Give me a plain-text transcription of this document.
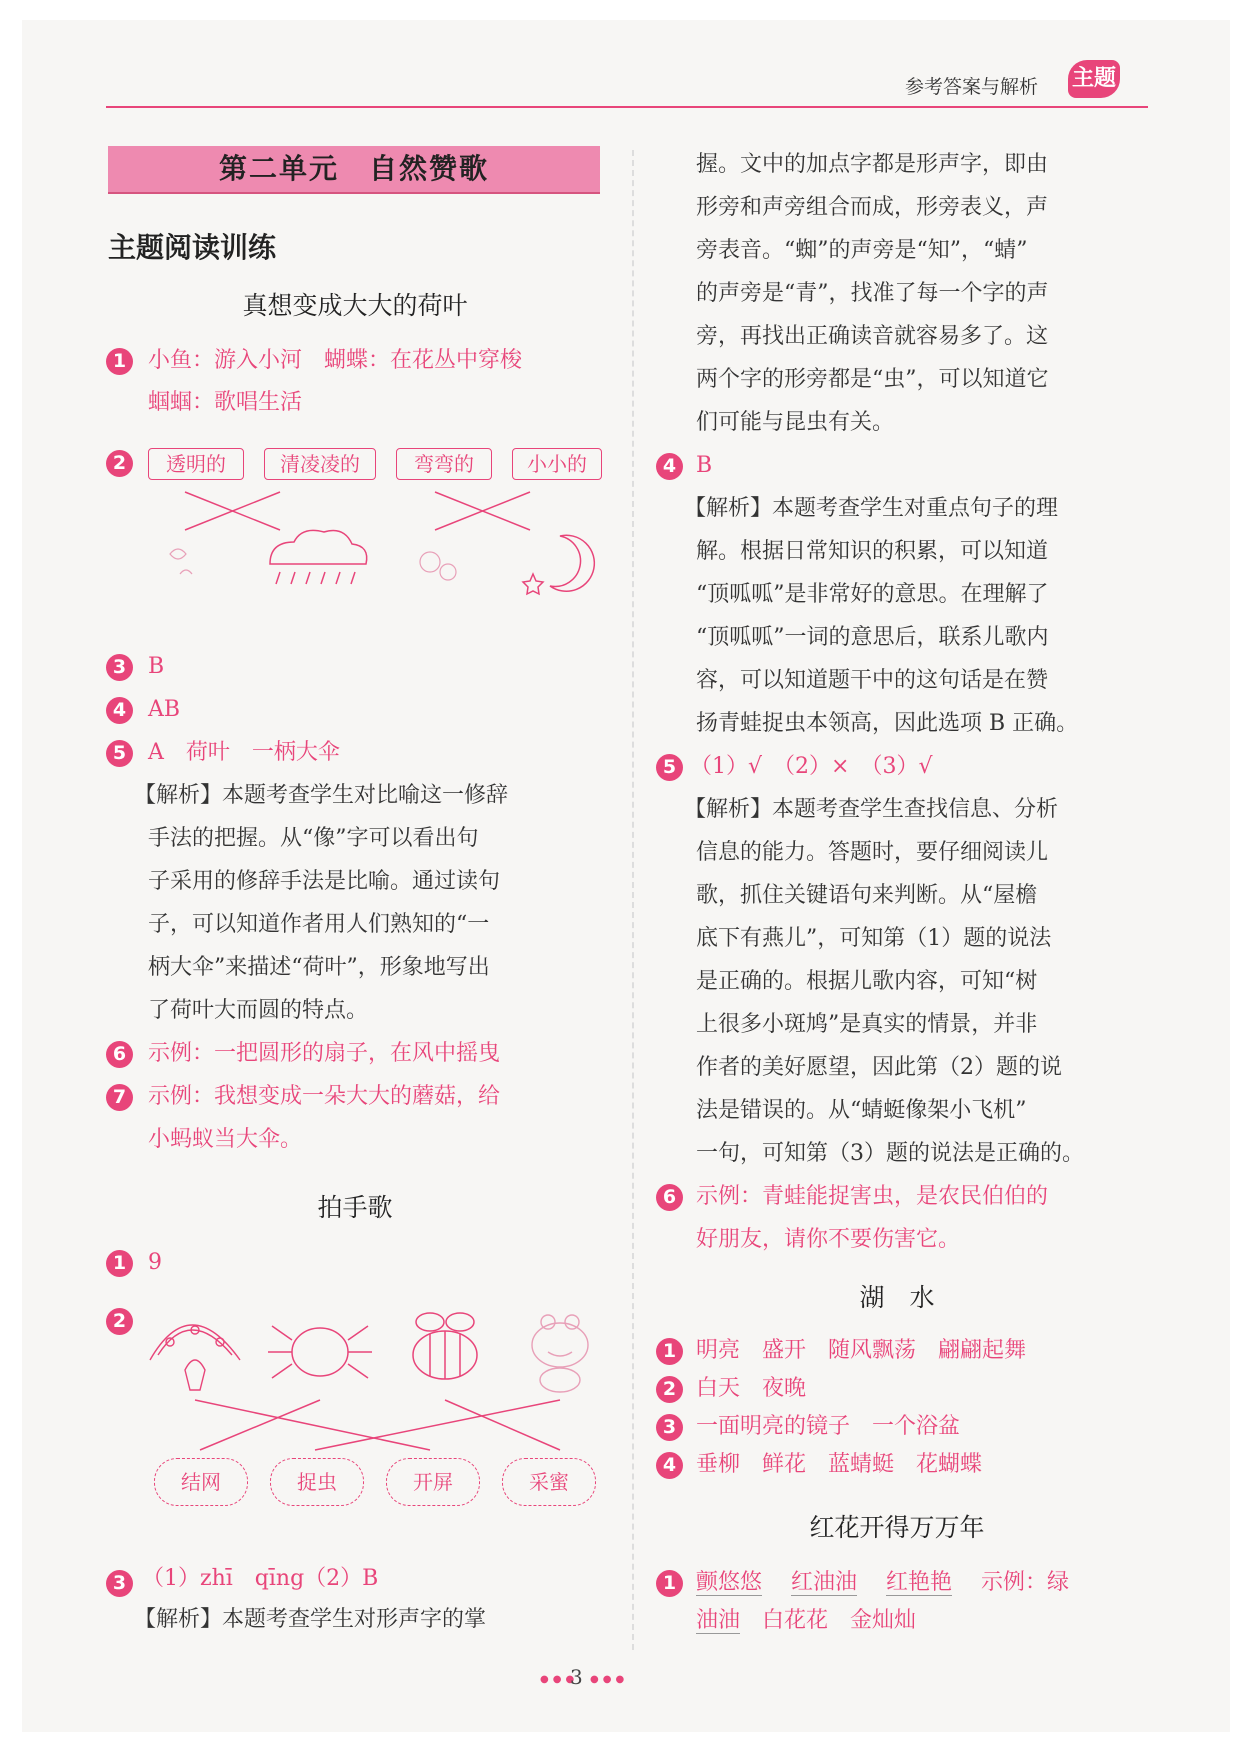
参考答案与解析 主题
第二单元　自然赞歌
主题阅读训练
真想变成大大的荷叶
1 小鱼：游入小河　蝴蝶：在花丛中穿梭
蝈蝈：歌唱生活
2	透明的	清凌凌的	弯弯的	小小的
3 B
4 AB
5 A　荷叶　一柄大伞
【解析】本题考查学生对比喻这一修辞
手法的把握。从“像”字可以看出句
子采用的修辞手法是比喻。通过读句
子，可以知道作者用人们熟知的“一
柄大伞”来描述“荷叶”，形象地写出
了荷叶大而圆的特点。
6 示例：一把圆形的扇子，在风中摇曳
7 示例：我想变成一朵大大的蘑菇，给
小蚂蚁当大伞。
拍手歌
1 9
2
结网	捉虫	开屏	采蜜
3 （1）zhī　qīng（2）B
【解析】本题考查学生对形声字的掌
握。文中的加点字都是形声字，即由
形旁和声旁组合而成，形旁表义，声
旁表音。“蜘”的声旁是“知”，“蜻”
的声旁是“青”，找准了每一个字的声
旁，再找出正确读音就容易多了。这
两个字的形旁都是“虫”，可以知道它
们可能与昆虫有关。
4 B
【解析】本题考查学生对重点句子的理
解。根据日常知识的积累，可以知道
“顶呱呱”是非常好的意思。在理解了
“顶呱呱”一词的意思后，联系儿歌内
容，可以知道题干中的这句话是在赞
扬青蛙捉虫本领高，因此选项 B 正确。
5 （1）√　（2）×　（3）√
【解析】本题考查学生查找信息、分析
信息的能力。答题时，要仔细阅读儿
歌，抓住关键语句来判断。从“屋檐
底下有燕儿”，可知第（1）题的说法
是正确的。根据儿歌内容，可知“树
上很多小斑鸠”是真实的情景，并非
作者的美好愿望，因此第（2）题的说
法是错误的。从“蜻蜓像架小飞机”
一句，可知第（3）题的说法是正确的。
6 示例：青蛙能捉害虫，是农民伯伯的
好朋友，请你不要伤害它。
湖　水
1 明亮　盛开　随风飘荡　翩翩起舞
2 白天　夜晚
3 一面明亮的镜子　一个浴盆
4 垂柳　鲜花　蓝蜻蜓　花蝴蝶
红花开得万万年
1 颤悠悠　 红油油　 红艳艳　 示例：绿
油油　 白花花　金灿灿
●●●
3 ●●●
